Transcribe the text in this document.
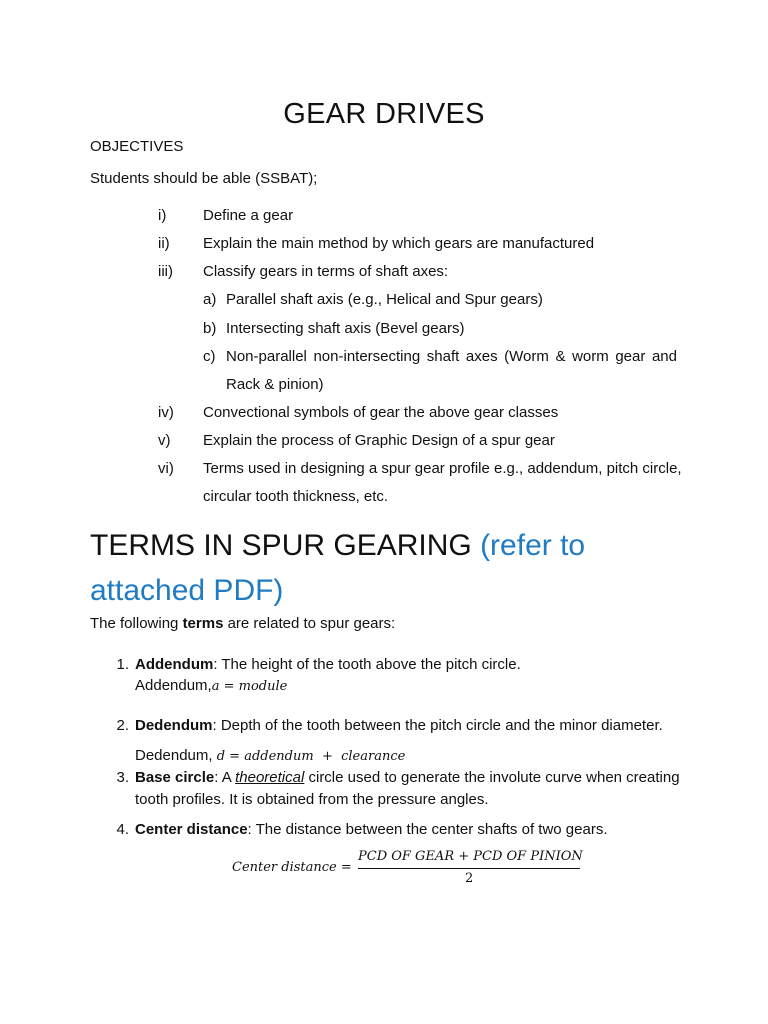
GEAR DRIVES
OBJECTIVES
Students should be able (SSBAT);
i) Define a gear
ii) Explain the main method by which gears are manufactured
iii) Classify gears in terms of shaft axes:
a) Parallel shaft axis (e.g., Helical and Spur gears)
b) Intersecting shaft axis (Bevel gears)
c) Non-parallel non-intersecting shaft axes (Worm & worm gear and
Rack & pinion)
iv) Convectional symbols of gear the above gear classes
v) Explain the process of Graphic Design of a spur gear
vi) Terms used in designing a spur gear profile e.g., addendum, pitch circle,
circular tooth thickness, etc.
TERMS IN SPUR GEARING (refer to
attached PDF)
The following terms are related to spur gears:
1. Addendum: The height of the tooth above the pitch circle.
Addendum,a = module
2. Dedendum: Depth of the tooth between the pitch circle and the minor diameter.
Dedendum, d = addendum  +  clearance
3. Base circle: A theoretical circle used to generate the involute curve when creating
tooth profiles. It is obtained from the pressure angles.
4. Center distance: The distance between the center shafts of two gears.
Center distance =
PCD OF GEAR + PCD OF PINION
2
